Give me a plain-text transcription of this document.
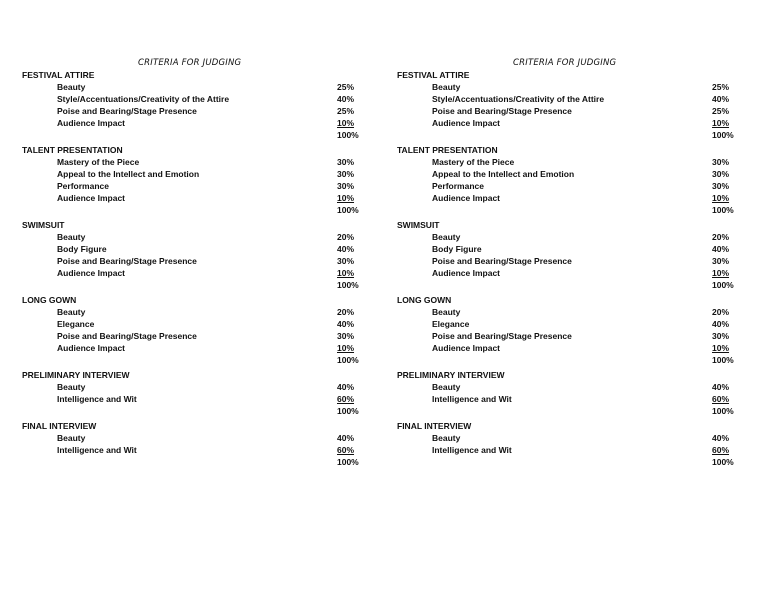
CRITERIA FOR JUDGING
FESTIVAL ATTIRE
Beauty	25%
Style/Accentuations/Creativity of the Attire	40%
Poise and Bearing/Stage Presence	25%
Audience Impact	10%
100%
TALENT PRESENTATION
Mastery of the Piece	30%
Appeal to the Intellect and Emotion	30%
Performance	30%
Audience Impact	10%
100%
SWIMSUIT
Beauty	20%
Body Figure	40%
Poise and Bearing/Stage Presence	30%
Audience Impact	10%
100%
LONG GOWN
Beauty	20%
Elegance	40%
Poise and Bearing/Stage Presence	30%
Audience Impact	10%
100%
PRELIMINARY INTERVIEW
Beauty	40%
Intelligence and Wit	60%
100%
FINAL INTERVIEW
Beauty	40%
Intelligence and Wit	60%
100%
CRITERIA FOR JUDGING
FESTIVAL ATTIRE
Beauty	25%
Style/Accentuations/Creativity of the Attire	40%
Poise and Bearing/Stage Presence	25%
Audience Impact	10%
100%
TALENT PRESENTATION
Mastery of the Piece	30%
Appeal to the Intellect and Emotion	30%
Performance	30%
Audience Impact	10%
100%
SWIMSUIT
Beauty	20%
Body Figure	40%
Poise and Bearing/Stage Presence	30%
Audience Impact	10%
100%
LONG GOWN
Beauty	20%
Elegance	40%
Poise and Bearing/Stage Presence	30%
Audience Impact	10%
100%
PRELIMINARY INTERVIEW
Beauty	40%
Intelligence and Wit	60%
100%
FINAL INTERVIEW
Beauty	40%
Intelligence and Wit	60%
100%
